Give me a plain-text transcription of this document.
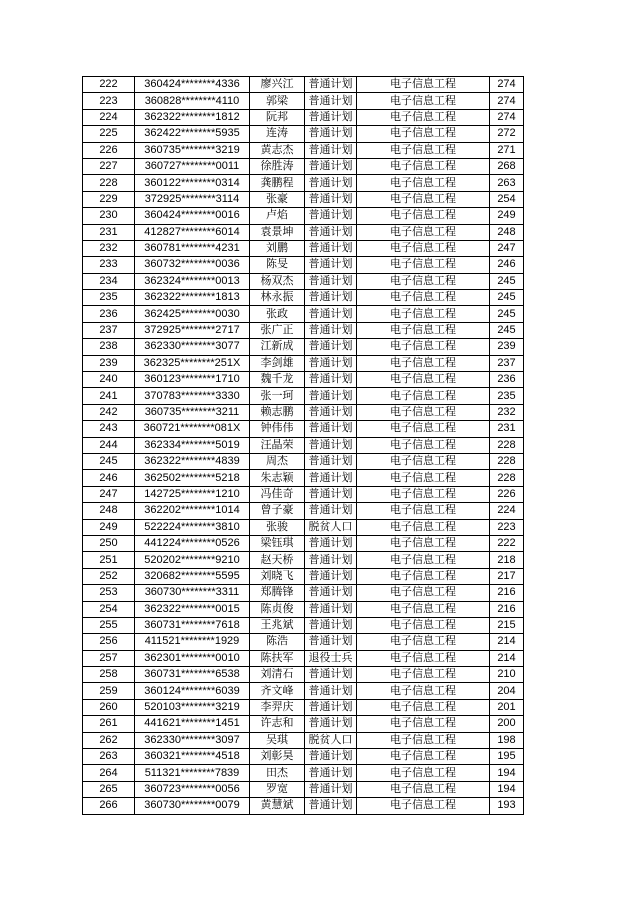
222	360424********4336	廖兴江	普通计划	电子信息工程	274
223	360828********4110	郭梁	普通计划	电子信息工程	274
224	362322********1812	阮邦	普通计划	电子信息工程	274
225	362422********5935	连涛	普通计划	电子信息工程	272
226	360735********3219	黄志杰	普通计划	电子信息工程	271
227	360727********0011	徐胜涛	普通计划	电子信息工程	268
228	360122********0314	龚鹏程	普通计划	电子信息工程	263
229	372925********3114	张豪	普通计划	电子信息工程	254
230	360424********0016	卢焰	普通计划	电子信息工程	249
231	412827********6014	袁景坤	普通计划	电子信息工程	248
232	360781********4231	刘鹏	普通计划	电子信息工程	247
233	360732********0036	陈旻	普通计划	电子信息工程	246
234	362324********0013	杨双杰	普通计划	电子信息工程	245
235	362322********1813	林永振	普通计划	电子信息工程	245
236	362425********0030	张政	普通计划	电子信息工程	245
237	372925********2717	张广正	普通计划	电子信息工程	245
238	362330********3077	江新成	普通计划	电子信息工程	239
239	362325********251X	李剑雄	普通计划	电子信息工程	237
240	360123********1710	魏千龙	普通计划	电子信息工程	236
241	370783********3330	张一珂	普通计划	电子信息工程	235
242	360735********3211	赖志鹏	普通计划	电子信息工程	232
243	360721********081X	钟伟伟	普通计划	电子信息工程	231
244	362334********5019	汪晶荣	普通计划	电子信息工程	228
245	362322********4839	周杰	普通计划	电子信息工程	228
246	362502********5218	朱志颖	普通计划	电子信息工程	228
247	142725********1210	冯佳奇	普通计划	电子信息工程	226
248	362202********1014	曾子豪	普通计划	电子信息工程	224
249	522224********3810	张骏	脱贫人口	电子信息工程	223
250	441224********0526	梁钰琪	普通计划	电子信息工程	222
251	520202********9210	赵天桥	普通计划	电子信息工程	218
252	320682********5595	刘晓飞	普通计划	电子信息工程	217
253	360730********3311	郑腾锋	普通计划	电子信息工程	216
254	362322********0015	陈贞俊	普通计划	电子信息工程	216
255	360731********7618	王兆斌	普通计划	电子信息工程	215
256	411521********1929	陈浩	普通计划	电子信息工程	214
257	362301********0010	陈扶军	退役士兵	电子信息工程	214
258	360731********6538	刘清石	普通计划	电子信息工程	210
259	360124********6039	齐文峰	普通计划	电子信息工程	204
260	520103********3219	李羿庆	普通计划	电子信息工程	201
261	441621********1451	许志和	普通计划	电子信息工程	200
262	362330********3097	吴琪	脱贫人口	电子信息工程	198
263	360321********4518	刘彰昊	普通计划	电子信息工程	195
264	511321********7839	田杰	普通计划	电子信息工程	194
265	360723********0056	罗宽	普通计划	电子信息工程	194
266	360730********0079	黄慧斌	普通计划	电子信息工程	193
